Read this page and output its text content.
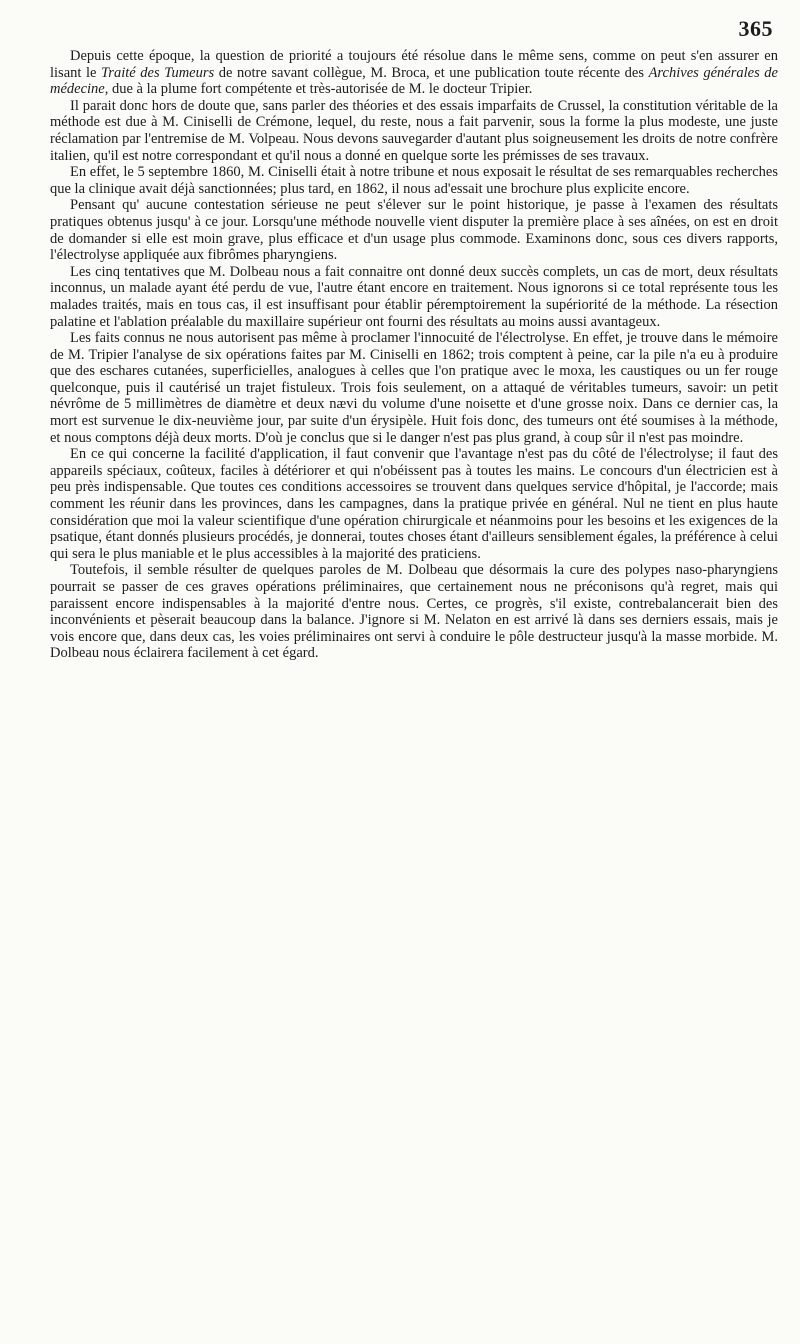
365

Depuis cette époque, la question de priorité a toujours été résolue dans le même sens, comme on peut s'en assurer en lisant le Traité des Tumeurs de notre savant collègue, M. Broca, et une publication toute récente des Archives générales de médecine, due à la plume fort compétente et très-autorisée de M. le docteur Tripier.

Il parait donc hors de doute que, sans parler des théories et des essais imparfaits de Crussel, la constitution véritable de la méthode est due à M. Ciniselli de Crémone, lequel, du reste, nous a fait parvenir, sous la forme la plus modeste, une juste réclamation par l'entremise de M. Volpeau. Nous devons sauvegarder d'autant plus soigneusement les droits de notre confrère italien, qu'il est notre correspondant et qu'il nous a donné en quelque sorte les prémisses de ses travaux.

En effet, le 5 septembre 1860, M. Ciniselli était à notre tribune et nous exposait le résultat de ses remarquables recherches que la clinique avait déjà sanctionnées; plus tard, en 1862, il nous ad'essait une brochure plus explicite encore.

Pensant qu' aucune contestation sérieuse ne peut s'élever sur le point historique, je passe à l'examen des résultats pratiques obtenus jusqu' à ce jour. Lorsqu'une méthode nouvelle vient disputer la première place à ses aînées, on est en droit de domander si elle est moin grave, plus efficace et d'un usage plus commode. Examinons donc, sous ces divers rapports, l'électrolyse appliquée aux fibrômes pharyngiens.

Les cinq tentatives que M. Dolbeau nous a fait connaitre ont donné deux succès complets, un cas de mort, deux résultats inconnus, un malade ayant été perdu de vue, l'autre étant encore en traitement. Nous ignorons si ce total représente tous les malades traités, mais en tous cas, il est insuffisant pour établir péremptoirement la supériorité de la méthode. La résection palatine et l'ablation préalable du maxillaire supérieur ont fourni des résultats au moins aussi avantageux.

Les faits connus ne nous autorisent pas même à proclamer l'innocuité de l'électrolyse. En effet, je trouve dans le mémoire de M. Tripier l'analyse de six opérations faites par M. Ciniselli en 1862; trois comptent à peine, car la pile n'a eu à produire que des eschares cutanées, superficielles, analogues à celles que l'on pratique avec le moxa, les caustiques ou un fer rouge quelconque, puis il cautérisé un trajet fistuleux. Trois fois seulement, on a attaqué de véritables tumeurs, savoir: un petit névrôme de 5 millimètres de diamètre et deux nævi du volume d'une noisette et d'une grosse noix. Dans ce dernier cas, la mort est survenue le dix-neuvième jour, par suite d'un érysipèle. Huit fois donc, des tumeurs ont été soumises à la méthode, et nous comptons déjà deux morts. D'où je conclus que si le danger n'est pas plus grand, à coup sûr il n'est pas moindre.

En ce qui concerne la facilité d'application, il faut convenir que l'avantage n'est pas du côté de l'électrolyse; il faut des appareils spéciaux, coûteux, faciles à détériorer et qui n'obéissent pas à toutes les mains. Le concours d'un électricien est à peu près indispensable. Que toutes ces conditions accessoires se trouvent dans quelques service d'hôpital, je l'accorde; mais comment les réunir dans les provinces, dans les campagnes, dans la pratique privée en général. Nul ne tient en plus haute considération que moi la valeur scientifique d'une opération chirurgicale et néanmoins pour les besoins et les exigences de la psatique, étant donnés plusieurs procédés, je donnerai, toutes choses étant d'ailleurs sensiblement égales, la préférence à celui qui sera le plus maniable et le plus accessibles à la majorité des praticiens.

Toutefois, il semble résulter de quelques paroles de M. Dolbeau que désormais la cure des polypes naso-pharyngiens pourrait se passer de ces graves opérations préliminaires, que certainement nous ne préconisons qu'à regret, mais qui paraissent encore indispensables à la majorité d'entre nous. Certes, ce progrès, s'il existe, contrebalancerait bien des inconvénients et pèserait beaucoup dans la balance. J'ignore si M. Nelaton en est arrivé là dans ses derniers essais, mais je vois encore que, dans deux cas, les voies préliminaires ont servi à conduire le pôle destructeur jusqu'à la masse morbide. M. Dolbeau nous éclairera facilement à cet égard.
